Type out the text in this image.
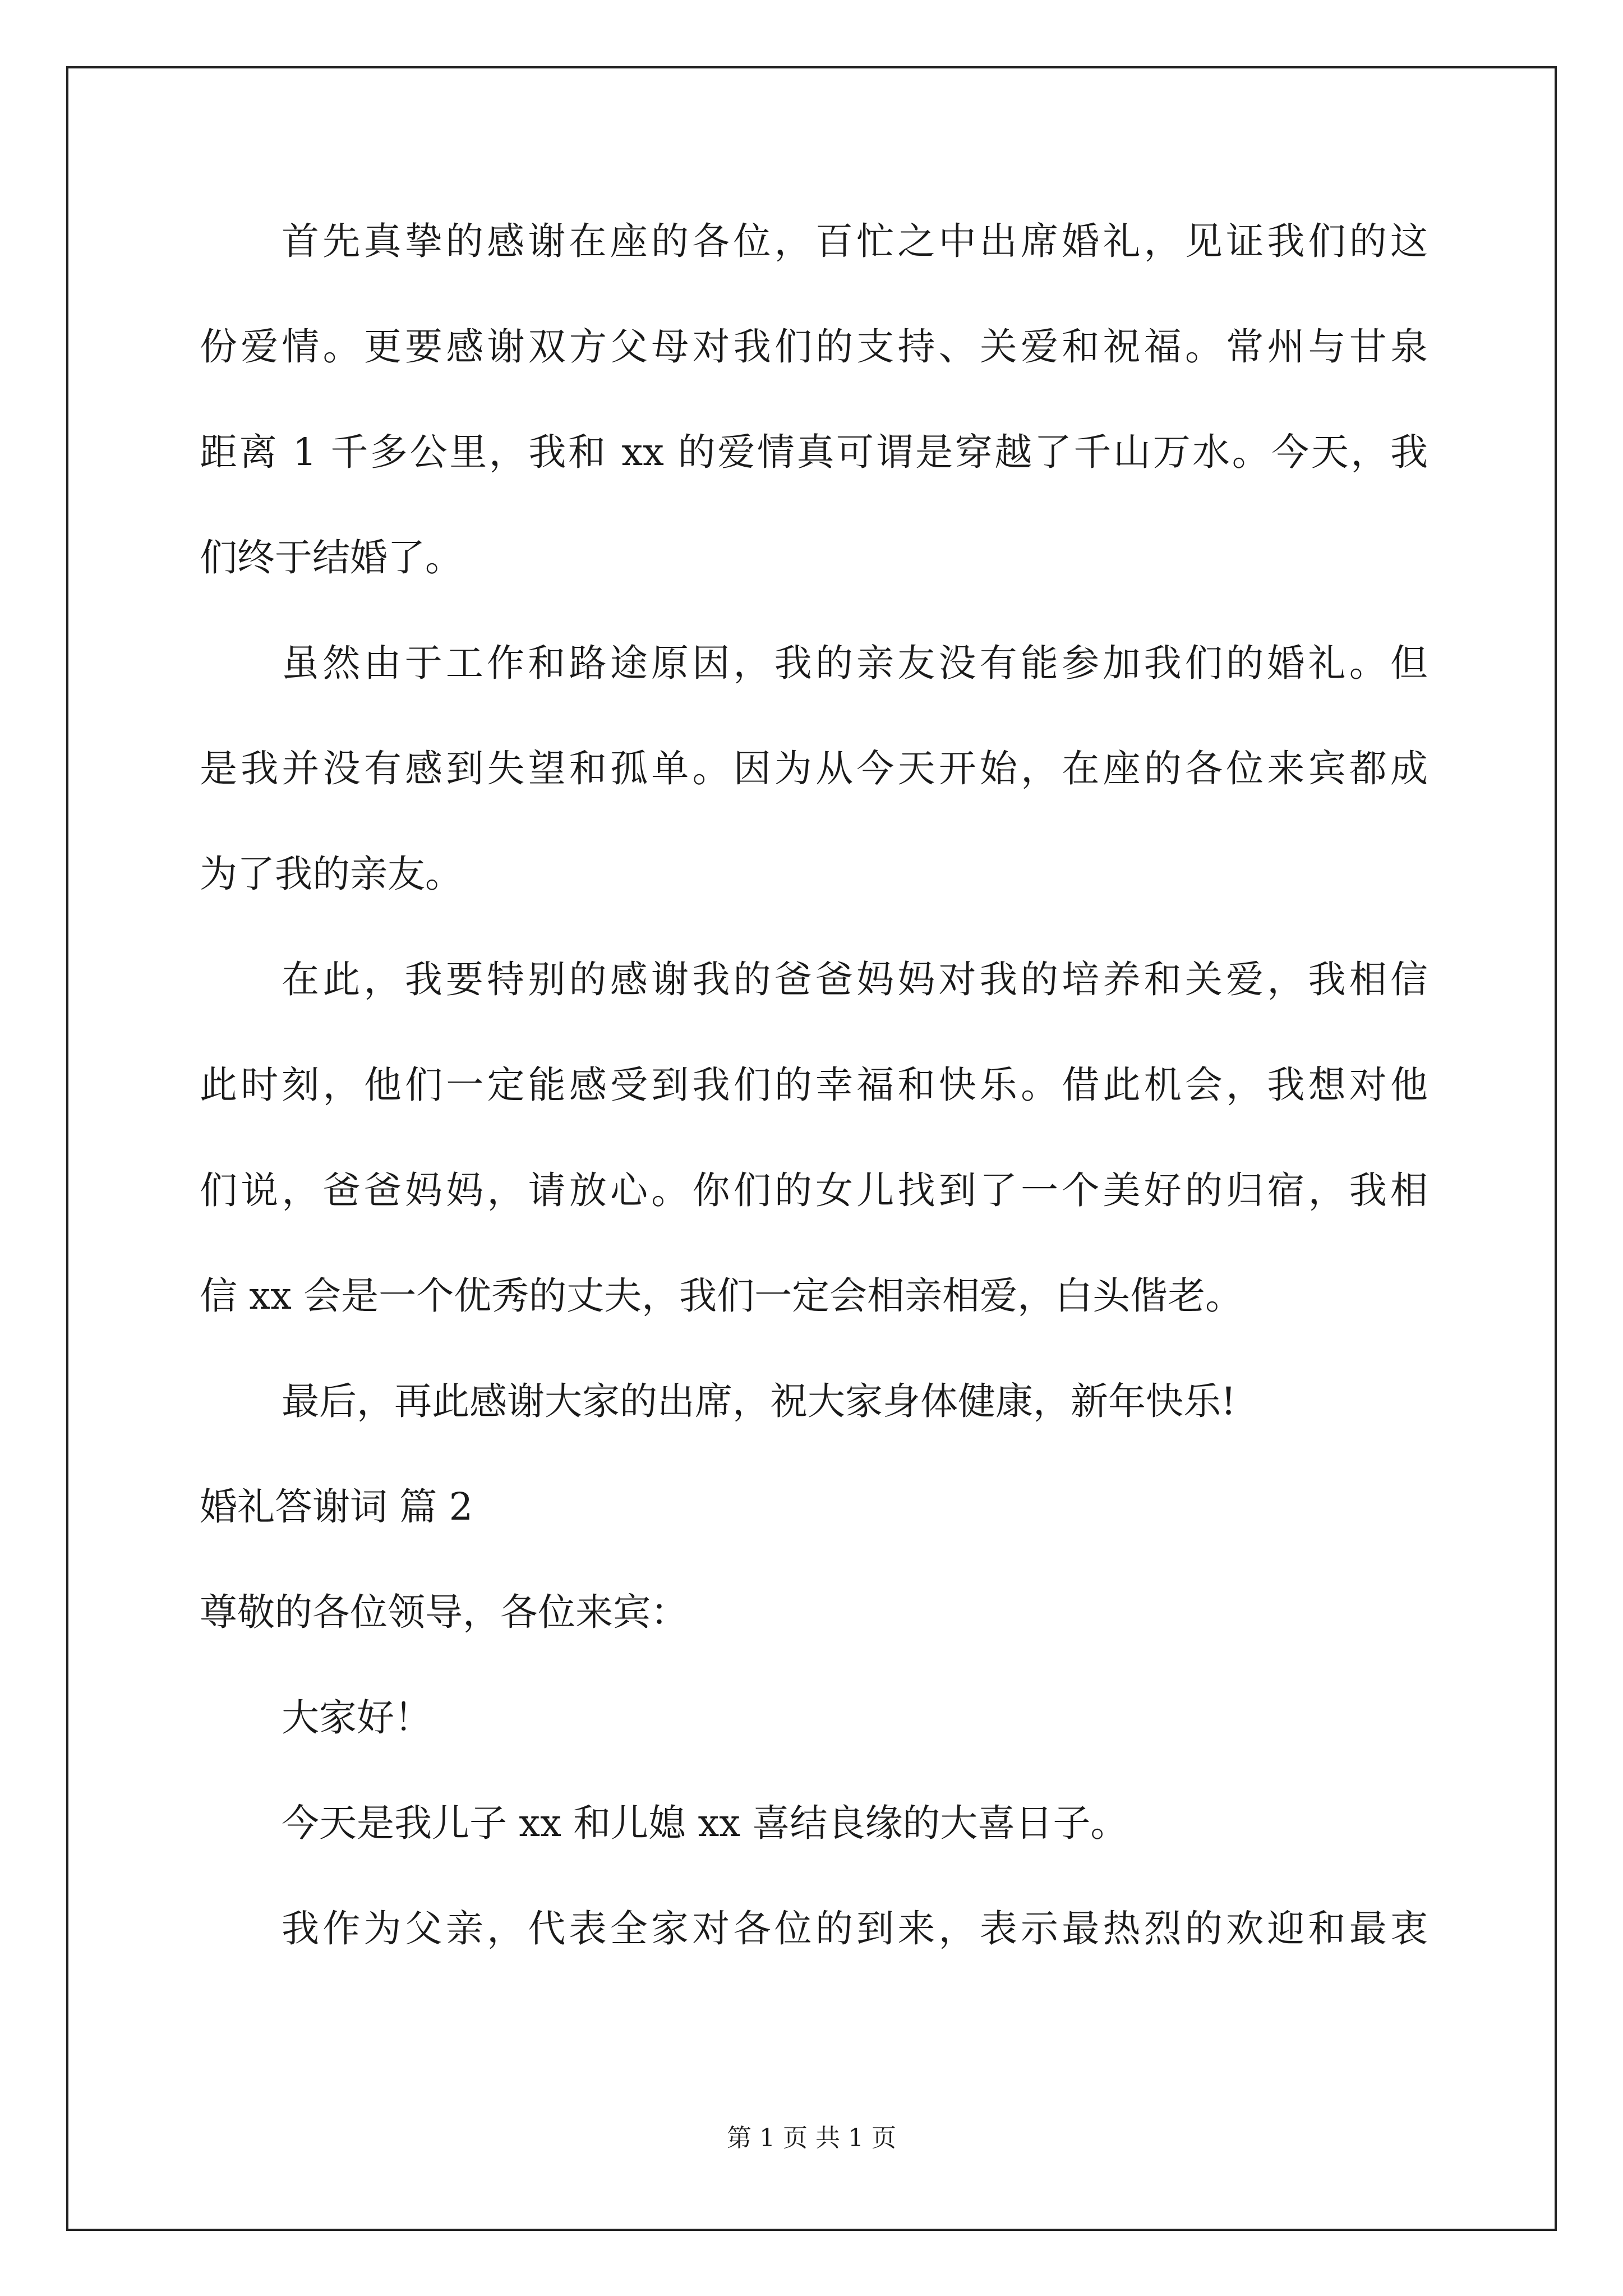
首先真挚的感谢在座的各位，百忙之中出席婚礼，见证我们的这
份爱情。更要感谢双方父母对我们的支持、关爱和祝福。常州与甘泉
距离 1 千多公里，我和 xx 的爱情真可谓是穿越了千山万水。今天，我
们终于结婚了。
虽然由于工作和路途原因，我的亲友没有能参加我们的婚礼。但
是我并没有感到失望和孤单。因为从今天开始，在座的各位来宾都成
为了我的亲友。
在此，我要特别的感谢我的爸爸妈妈对我的培养和关爱，我相信
此时刻，他们一定能感受到我们的幸福和快乐。借此机会，我想对他
们说，爸爸妈妈，请放心。你们的女儿找到了一个美好的归宿，我相
信 xx 会是一个优秀的丈夫，我们一定会相亲相爱，白头偕老。
最后，再此感谢大家的出席，祝大家身体健康，新年快乐!
婚礼答谢词 篇 2
尊敬的各位领导，各位来宾：
大家好！
今天是我儿子 xx 和儿媳 xx 喜结良缘的大喜日子。
我作为父亲，代表全家对各位的到来，表示最热烈的欢迎和最衷
第 1 页 共 1 页
